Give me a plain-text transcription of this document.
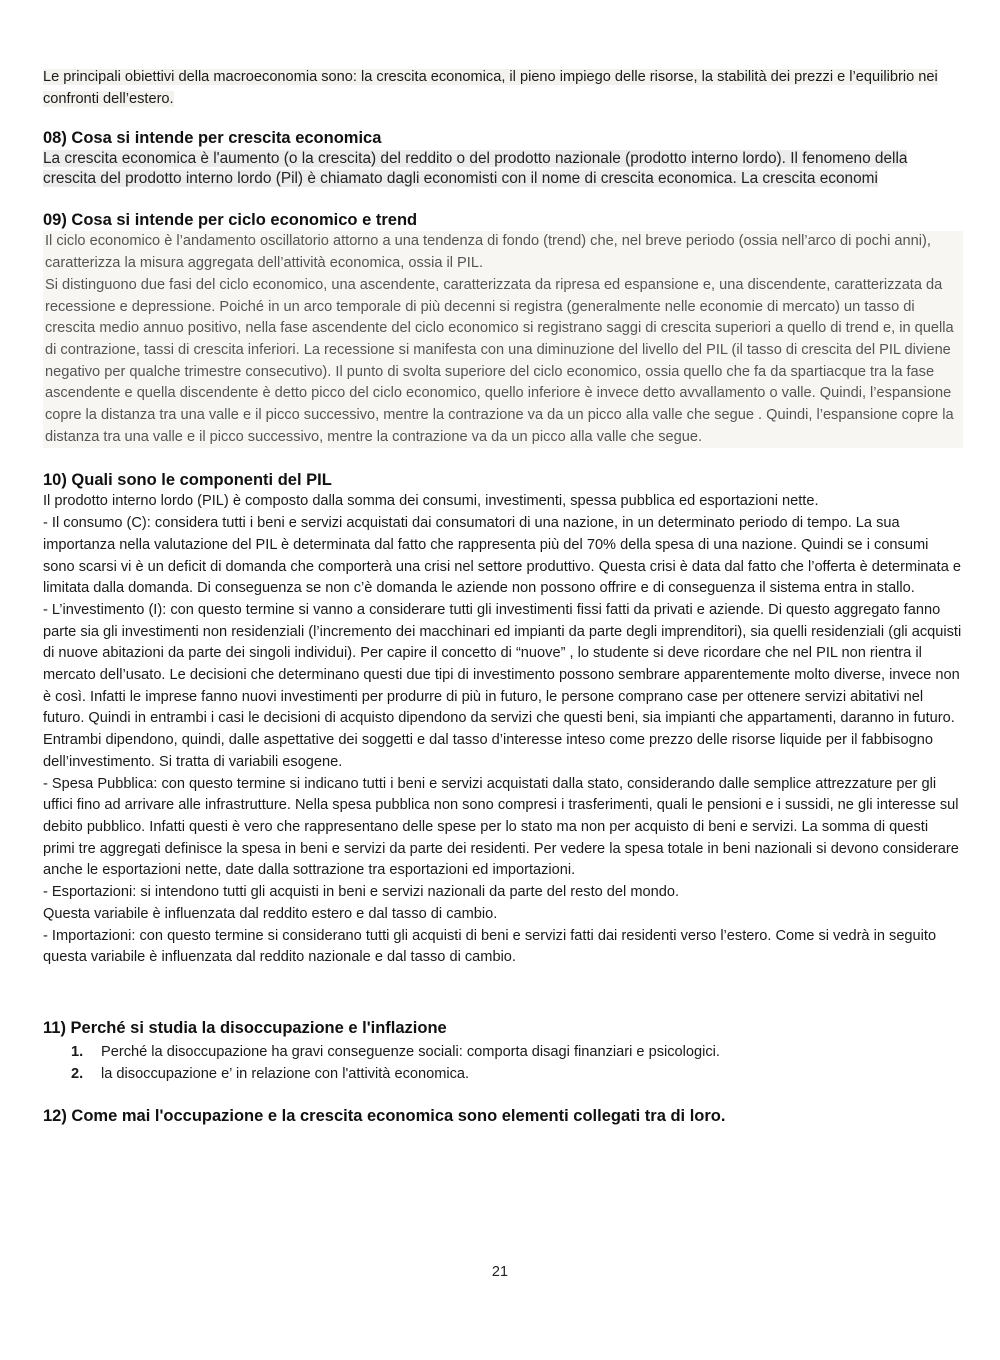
Le principali obiettivi della macroeconomia sono: la crescita economica, il pieno impiego delle risorse, la stabilità dei prezzi e l’equilibrio nei confronti dell’estero.

08) Cosa si intende per crescita economica

La crescita economica è l'aumento (o la crescita) del reddito o del prodotto nazionale (prodotto interno lordo). Il fenomeno della crescita del prodotto interno lordo (Pil) è chiamato dagli economisti con il nome di crescita economica. La crescita economi

09) Cosa si intende per ciclo economico e trend

Il ciclo economico è l’andamento oscillatorio attorno a una tendenza di fondo (trend) che, nel breve periodo (ossia nell’arco di pochi anni), caratterizza la misura aggregata dell’attività economica, ossia il PIL.

Si distinguono due fasi del ciclo economico, una ascendente, caratterizzata da ripresa ed espansione e, una discendente, caratterizzata da recessione e depressione. Poiché in un arco temporale di più decenni si registra (generalmente nelle economie di mercato) un tasso di crescita medio annuo positivo, nella fase ascendente del ciclo economico si registrano saggi di crescita superiori a quello di trend e, in quella di contrazione, tassi di crescita inferiori. La recessione si manifesta con una diminuzione del livello del PIL (il tasso di crescita del PIL diviene negativo per qualche trimestre consecutivo). Il punto di svolta superiore del ciclo economico, ossia quello che fa da spartiacque tra la fase ascendente e quella discendente è detto picco del ciclo economico, quello inferiore è invece detto avvallamento o valle. Quindi, l’espansione copre la distanza tra una valle e il picco successivo, mentre la contrazione va da un picco alla valle che segue . Quindi, l’espansione copre la distanza tra una valle e il picco successivo, mentre la contrazione va da un picco alla valle che segue.

10) Quali sono le componenti del PIL

Il prodotto interno lordo (PIL) è composto dalla somma dei consumi, investimenti, spessa pubblica ed esportazioni nette.

- Il consumo (C): considera tutti i beni e servizi acquistati dai consumatori di una nazione, in un determinato periodo di tempo. La sua importanza nella valutazione del PIL è determinata dal fatto che rappresenta più del 70% della spesa di una nazione. Quindi se i consumi sono scarsi vi è un deficit di domanda che comporterà una crisi nel settore produttivo. Questa crisi è data dal fatto che l’offerta è determinata e limitata dalla domanda. Di conseguenza se non c’è domanda le aziende non possono offrire e di conseguenza il sistema entra in stallo.

- L’investimento (I): con questo termine si vanno a considerare tutti gli investimenti fissi fatti da privati e aziende. Di questo aggregato fanno parte sia gli investimenti non residenziali (l’incremento dei macchinari ed impianti da parte degli imprenditori), sia quelli residenziali (gli acquisti di nuove abitazioni da parte dei singoli individui). Per capire il concetto di “nuove” , lo studente si deve ricordare che nel PIL non rientra il mercato dell’usato. Le decisioni che determinano questi due tipi di investimento possono sembrare apparentemente molto diverse, invece non è così. Infatti le imprese fanno nuovi investimenti per produrre di più in futuro, le persone comprano case per ottenere servizi abitativi nel futuro. Quindi in entrambi i casi le decisioni di acquisto dipendono da servizi che questi beni, sia impianti che appartamenti, daranno in futuro. Entrambi dipendono, quindi, dalle aspettative dei soggetti e dal tasso d’interesse inteso come prezzo delle risorse liquide per il fabbisogno dell’investimento. Si tratta di variabili esogene.

- Spesa Pubblica: con questo termine si indicano tutti i beni e servizi acquistati dalla stato, considerando dalle semplice attrezzature per gli uffici fino ad arrivare alle infrastrutture. Nella spesa pubblica non sono compresi i trasferimenti, quali le pensioni e i sussidi, ne gli interesse sul debito pubblico. Infatti questi è vero che rappresentano delle spese per lo stato ma non per acquisto di beni e servizi. La somma di questi primi tre aggregati definisce la spesa in beni e servizi da parte dei residenti. Per vedere la spesa totale in beni nazionali si devono considerare anche le esportazioni nette, date dalla sottrazione tra esportazioni ed importazioni.

- Esportazioni: si intendono tutti gli acquisti in beni e servizi nazionali da parte del resto del mondo.

Questa variabile è influenzata dal reddito estero e dal tasso di cambio.

- Importazioni: con questo termine si considerano tutti gli acquisti di beni e servizi fatti dai residenti verso l’estero. Come si vedrà in seguito questa variabile è influenzata dal reddito nazionale e dal tasso di cambio.

11) Perché si studia la disoccupazione e l'inflazione
1.	Perché la disoccupazione ha gravi conseguenze sociali: comporta disagi finanziari e psicologici.
2.	la disoccupazione e’ in relazione con l'attività economica.
12) Come mai l'occupazione e la crescita economica sono elementi collegati tra di loro.
21
